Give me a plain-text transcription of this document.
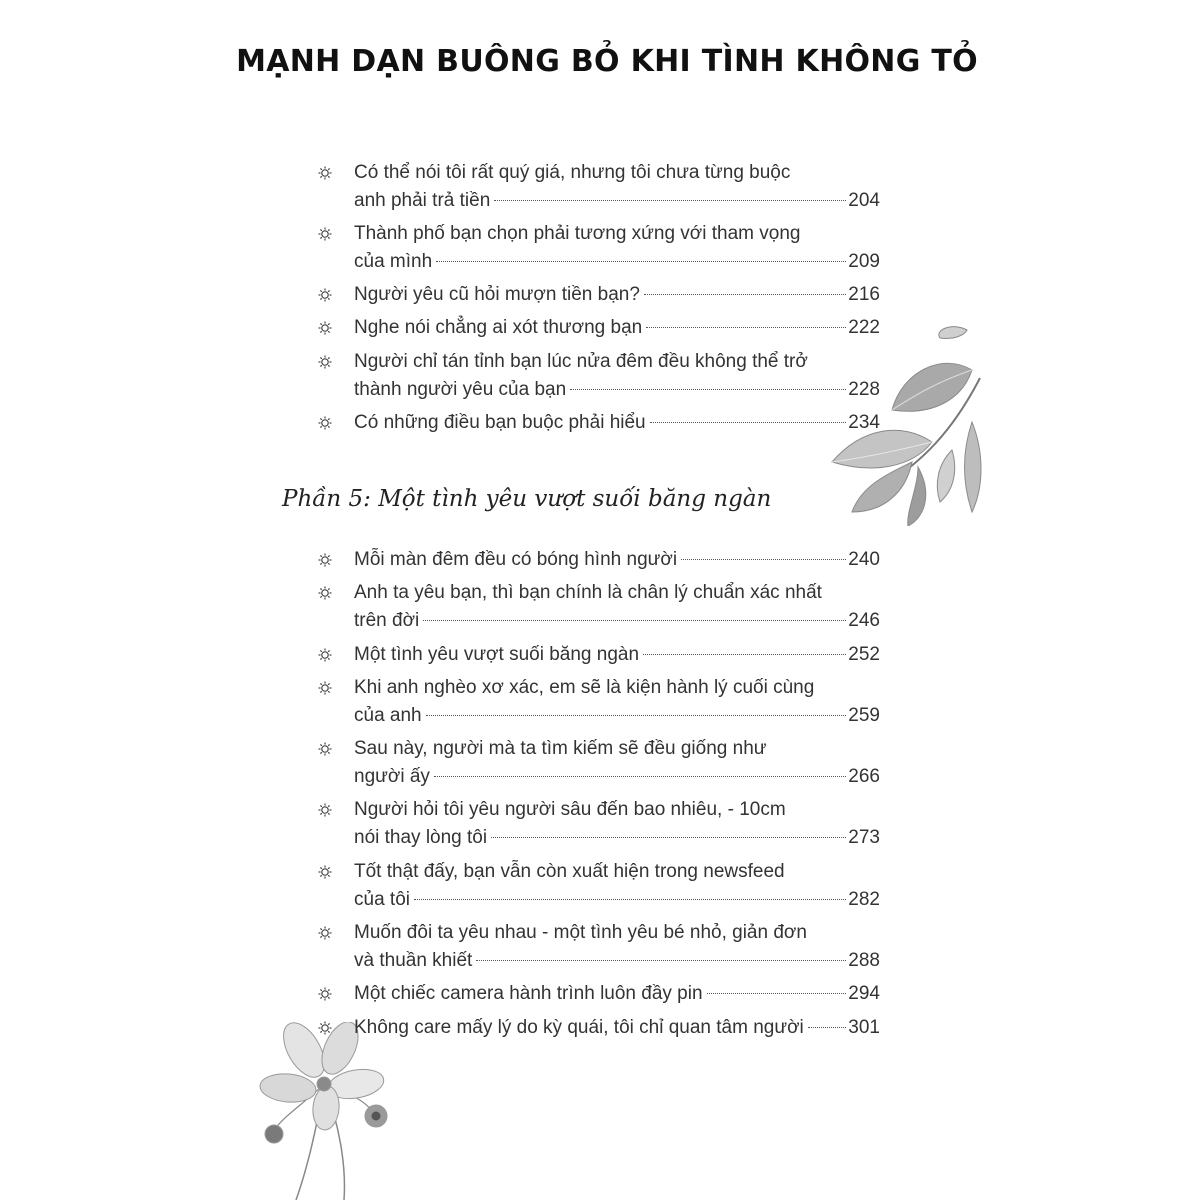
MẠNH DẠN BUÔNG BỎ KHI TÌNH KHÔNG TỎ
Có thể nói tôi rất quý giá, nhưng tôi chưa từng buộc
anh phải trả tiền	204
Thành phố bạn chọn phải tương xứng với tham vọng
của mình	209
Người yêu cũ hỏi mượn tiền bạn?	216
Nghe nói chẳng ai xót thương bạn	222
Người chỉ tán tỉnh bạn lúc nửa đêm đều không thể trở
thành người yêu của bạn	228
Có những điều bạn buộc phải hiểu	234
Phần 5: Một tình yêu vượt suối băng ngàn
Mỗi màn đêm đều có bóng hình người	240
Anh ta yêu bạn, thì bạn chính là chân lý chuẩn xác nhất
trên đời	246
Một tình yêu vượt suối băng ngàn	252
Khi anh nghèo xơ xác, em sẽ là kiện hành lý cuối cùng
của anh	259
Sau này, người mà ta tìm kiếm sẽ đều giống như
người ấy	266
Người hỏi tôi yêu người sâu đến bao nhiêu, - 10cm
nói thay lòng tôi	273
Tốt thật đấy, bạn vẫn còn xuất hiện trong newsfeed
của tôi	282
Muốn đôi ta yêu nhau - một tình yêu bé nhỏ, giản đơn
và thuần khiết	288
Một chiếc camera hành trình luôn đầy pin	294
Không care mấy lý do kỳ quái, tôi chỉ quan tâm người 301
